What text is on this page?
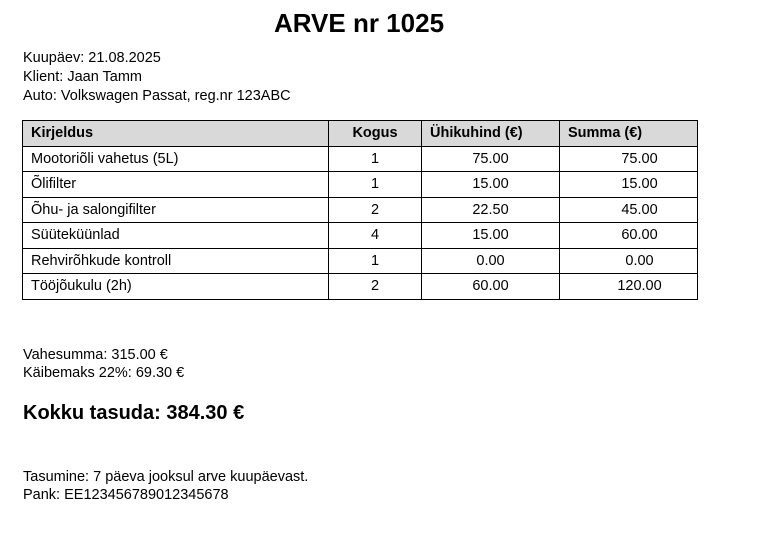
ARVE nr 1025
Kuupäev: 21.08.2025
Klient: Jaan Tamm
Auto: Volkswagen Passat, reg.nr 123ABC
Kirjeldus	Kogus	Ühikuhind (€)	Summa (€)
Mootoriõli vahetus (5L)	1	75.00	75.00
Õlifilter	1	15.00	15.00
Õhu- ja salongifilter	2	22.50	45.00
Süüteküünlad	4	15.00	60.00
Rehvirõhkude kontroll	1	0.00	0.00
Tööjõukulu (2h)	2	60.00	120.00
Vahesumma: 315.00 €
Käibemaks 22%: 69.30 €
Kokku tasuda: 384.30 €
Tasumine: 7 päeva jooksul arve kuupäevast.
Pank: EE123456789012345678
